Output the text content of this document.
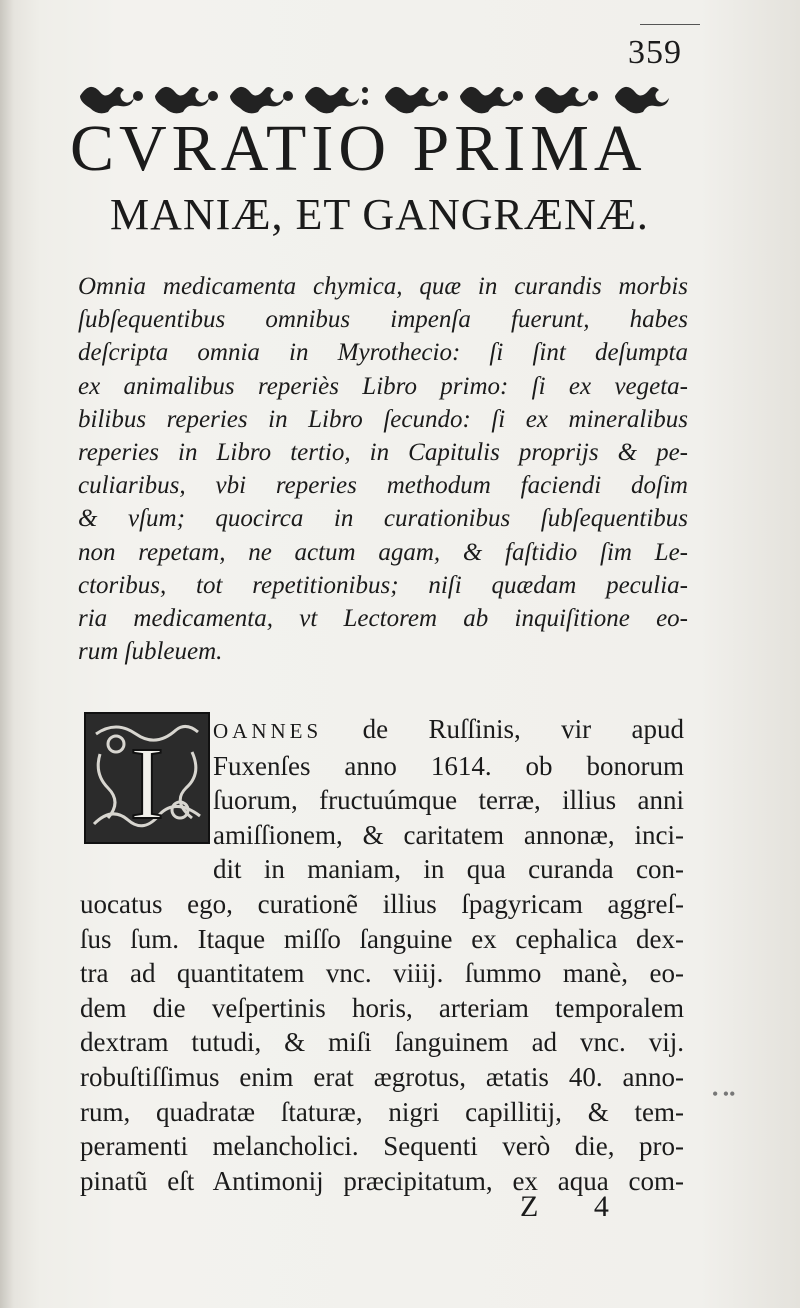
359
CVRATIO PRIMA
MANIÆ, ET GANGRÆNÆ.
Omnia medicamenta chymica, quæ in curandis morbis
ſubſequentibus omnibus impenſa fuerunt, habes
deſcripta omnia in Myrothecio: ſi ſint deſumpta
ex animalibus reperiès Libro primo: ſi ex vegeta-
bilibus reperies in Libro ſecundo: ſi ex mineralibus
reperies in Libro tertio, in Capitulis proprijs & pe-
culiaribus, vbi reperies methodum faciendi doſim
& vſum; quocirca in curationibus ſubſequentibus
non repetam, ne actum agam, & faſtidio ſim Le-
ctoribus, tot repetitionibus; niſi quædam peculia-
ria medicamenta, vt Lectorem ab inquiſitione eo-
rum ſubleuem.
I OANNES de Ruſſinis, vir apud
Fuxenſes anno 1614. ob bonorum
ſuorum, fructuúmque terræ, illius anni
amiſſionem, & caritatem annonæ, inci-
dit in maniam, in qua curanda con-
uocatus ego, curationẽ illius ſpagyricam aggreſ-
ſus ſum. Itaque miſſo ſanguine ex cephalica dex-
tra ad quantitatem vnc. viiij. ſummo manè, eo-
dem die veſpertinis horis, arteriam temporalem
dextram tutudi, & miſi ſanguinem ad vnc. vij.
robuſtiſſimus enim erat ægrotus, ætatis 40. anno-
rum, quadratæ ſtaturæ, nigri capillitij, & tem-
peramenti melancholici. Sequenti verò die, pro-
pinatũ eſt Antimonij præcipitatum, ex aqua com-
• ••
Z 4
